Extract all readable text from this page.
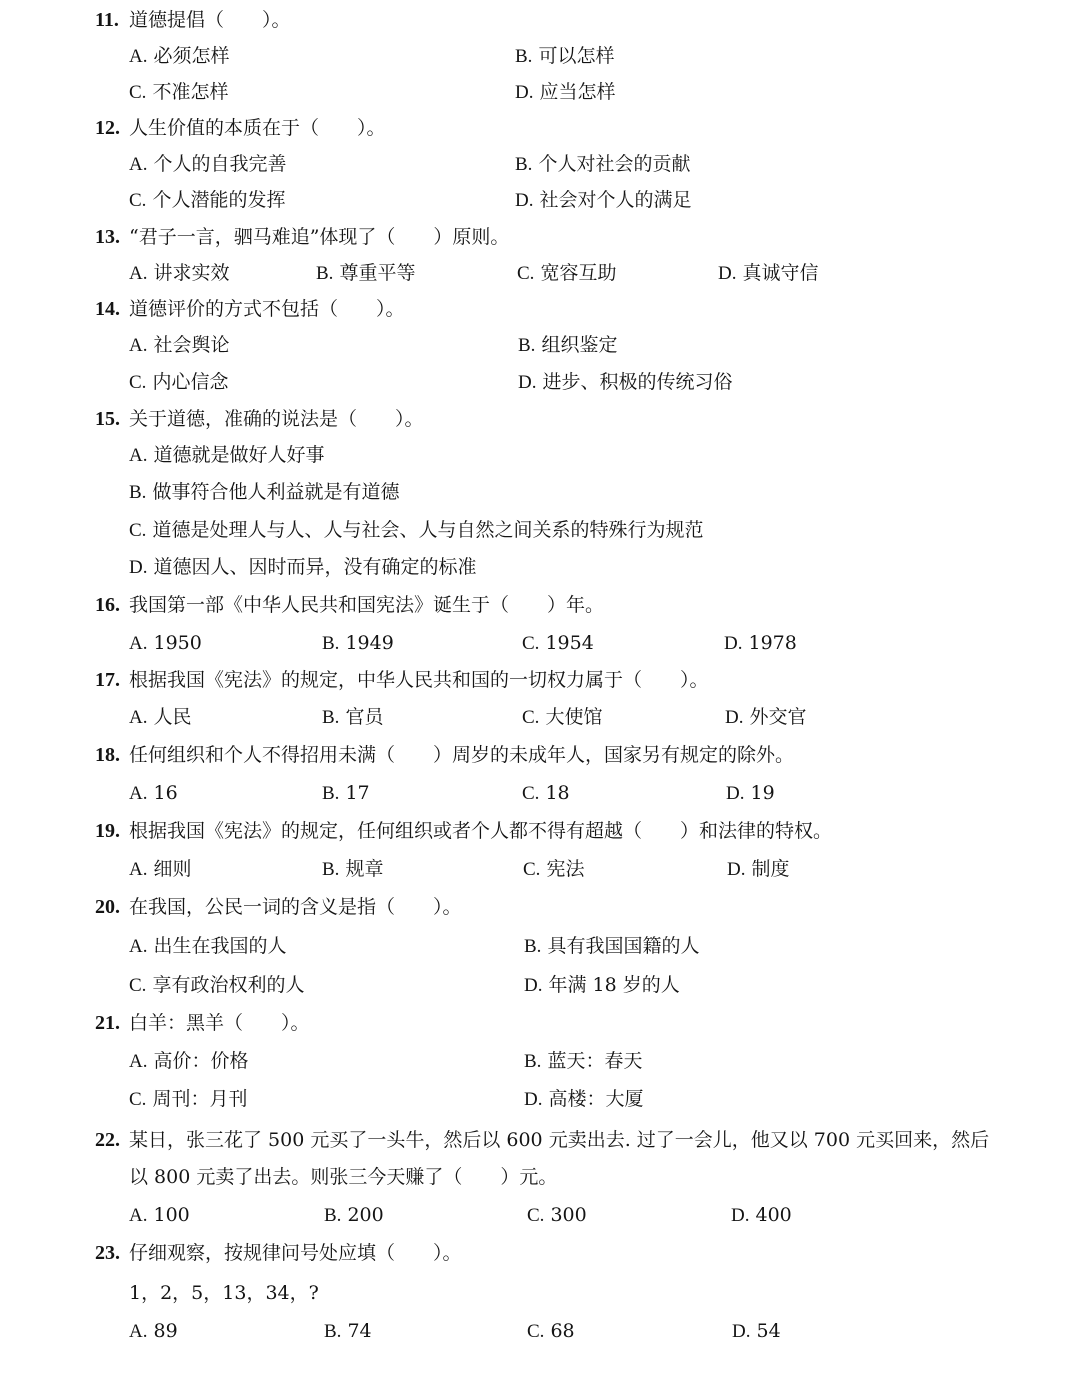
11. 道德提倡（　　）。
A. 必须怎样	B. 可以怎样
C. 不准怎样	D. 应当怎样
12. 人生价值的本质在于（　　）。
A. 个人的自我完善	B. 个人对社会的贡献
C. 个人潜能的发挥	D. 社会对个人的满足
13. “君子一言，驷马难追”体现了（　　）原则。
A. 讲求实效	B. 尊重平等	C. 宽容互助	D. 真诚守信
14. 道德评价的方式不包括（　　）。
A. 社会舆论	B. 组织鉴定
C. 内心信念	D. 进步、积极的传统习俗
15. 关于道德，准确的说法是（　　）。
A. 道德就是做好人好事
B. 做事符合他人利益就是有道德
C. 道德是处理人与人、人与社会、人与自然之间关系的特殊行为规范
D. 道德因人、因时而异，没有确定的标准
16. 我国第一部《中华人民共和国宪法》诞生于（　　）年。
A. 1950	B. 1949	C. 1954	D. 1978
17. 根据我国《宪法》的规定，中华人民共和国的一切权力属于（　　）。
A. 人民	B. 官员	C. 大使馆	D. 外交官
18. 任何组织和个人不得招用未满（　　）周岁的未成年人，国家另有规定的除外。
A. 16	B. 17	C. 18	D. 19
19. 根据我国《宪法》的规定，任何组织或者个人都不得有超越（　　）和法律的特权。
A. 细则	B. 规章	C. 宪法	D. 制度
20. 在我国，公民一词的含义是指（　　）。
A. 出生在我国的人	B. 具有我国国籍的人
C. 享有政治权利的人	D. 年满 18 岁的人
21. 白羊：黑羊（　　）。
A. 高价：价格	B. 蓝天：春天
C. 周刊：月刊	D. 高楼：大厦
22. 某日，张三花了 500 元买了一头牛，然后以 600 元卖出去. 过了一会儿，他又以 700 元买回来，然后
以 800 元卖了出去。则张三今天赚了（　　）元。
A. 100	B. 200	C. 300	D. 400
23. 仔细观察，按规律问号处应填（　　）。
1，2，5，13，34，?
A. 89	B. 74	C. 68	D. 54
